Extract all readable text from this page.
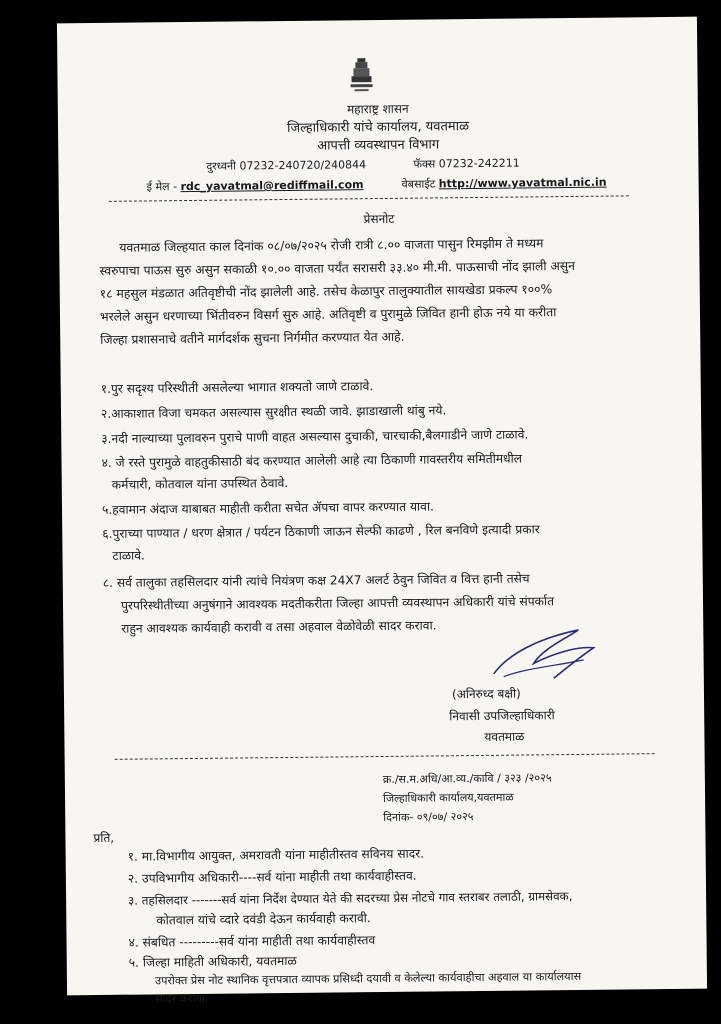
महाराष्ट्र शासन
जिल्हाधिकारी यांचे कार्यालय, यवतमाळ
आपत्ती व्यवस्थापन विभाग
दुरध्वनी 07232-240720/240844	फॅक्स 07232-242211
ई मेल - rdc_yavatmal@rediffmail.com	वेबसाईट http://www.yavatmal.nic.in
प्रेसनोट
यवतमाळ जिल्हयात काल दिनांक ०८/०७/२०२५ रोजी रात्री ८.०० वाजता पासुन रिमझीम ते मध्यम
स्वरुपाचा पाऊस सुरु असुन सकाळी १०.०० वाजता पर्यंत सरासरी ३३.४० मी.मी. पाऊसाची नोंद झाली असुन
१८ महसुल मंडळात अतिवृष्टीची नोंद झालेली आहे. तसेच केळापुर तालुक्यातील सायखेडा प्रकल्प १००%
भरलेले असुन धरणाच्या भिंतीवरुन विसर्ग सुरु आहे. अतिवृष्टी व पुरामुळे जिवित हानी होऊ नये या करीता
जिल्हा प्रशासनाचे वतीने मार्गदर्शक सुचना निर्गमीत करण्यात येत आहे.
१.पुर सदृश्य परिस्थीती असलेल्या भागात शक्यतो जाणे टाळावे.
२.आकाशात विजा चमकत असल्यास सुरक्षीत स्थळी जावे. झाडाखाली थांबु नये.
३.नदी नाल्याच्या पुलावरुन पुराचे पाणी वाहत असल्यास दुचाकी, चारचाकी,बैलगाडीने जाणे टाळावे.
४. जे रस्ते पुरामुळे वाहतुकीसाठी बंद करण्यात आलेली आहे त्या ठिकाणी गावस्तरीय समितीमधील
कर्मचारी, कोतवाल यांना उपस्थित ठेवावे.
५.हवामान अंदाज याबाबत माहीती करीता सचेत ॲपचा वापर करण्यात यावा.
६.पुराच्या पाण्यात / धरण क्षेत्रात / पर्यटन ठिकाणी जाऊन सेल्फी काढणे , रिल बनविणे इत्यादी प्रकार
टाळावे.
८. सर्व तालुका तहसिलदार यांनी त्यांचे नियंत्रण कक्ष 24X7 अलर्ट ठेवुन जिवित व वित्त हानी तसेच
पुरपरिस्थीतीच्या अनुषंगाने आवश्यक मदतीकरीता जिल्हा आपत्ती व्यवस्थापन अधिकारी यांचे संपर्कात
राहुन आवश्यक कार्यवाही करावी व तसा अहवाल वेळोवेळी सादर करावा.
(अनिरुध्द बक्षी)
निवासी उपजिल्हाधिकारी
यवतमाळ
क्र./स.म.अधि/आ.व्य./कावि / ३२३ /२०२५
जिल्हाधिकारी कार्यालय,यवतमाळ
दिनांक- ०९/०७/ २०२५
प्रति,
१. मा.विभागीय आयुक्त, अमरावती यांना माहीतीस्तव सविनय सादर.
२. उपविभागीय अधिकारी----सर्व यांना माहीती तथा कार्यवाहीस्तव.
३. तहसिलदार -------सर्व यांना निर्देश देण्यात येते की सदरच्या प्रेस नोटचे गाव स्तराबर तलाठी, ग्रामसेवक,
कोतवाल यांचे व्दारे दवंडी देऊन कार्यवाही करावी.
४. संबधित ---------सर्व यांना माहीती तथा कार्यवाहीस्तव
५. जिल्हा माहिती अधिकारी, यवतमाळ
उपरोक्त प्रेस नोट स्थानिक वृत्तपत्रात व्यापक प्रसिध्दी दयावी व केलेल्या कार्यवाहीचा अहवाल या कार्यालयास
सादर करावा.
